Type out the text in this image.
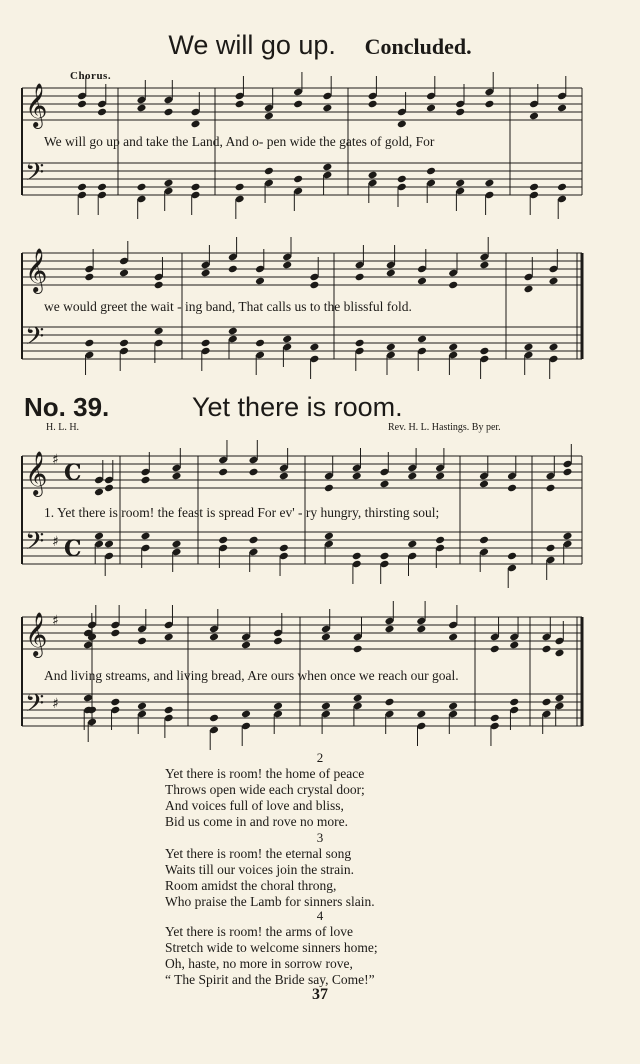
We will go up. Concluded.
Chorus.
𝄞
𝄢
𝄞
𝄢
𝄞 ♯ C
𝄢 ♯ C
𝄞 ♯
𝄢 ♯
We will go up and take the Land, And o- pen wide the gates of gold, For
we would greet the wait - ing band, That calls us to the blissful fold.
No. 39.	Yet there is room.
H. L. H.	Rev. H. L. Hastings. By per.
1. Yet there is room! the feast is spread For ev' - ry hungry, thirsting soul;
And living streams, and living bread, Are ours when once we reach our goal.
2
Yet there is room! the home of peace
Throws open wide each crystal door;
And voices full of love and bliss,
Bid us come in and rove no more.
3
Yet there is room! the eternal song
Waits till our voices join the strain.
Room amidst the choral throng,
Who praise the Lamb for sinners slain.
4
Yet there is room! the arms of love
Stretch wide to welcome sinners home;
Oh, haste, no more in sorrow rove,
“ The Spirit and the Bride say, Come!”
37
